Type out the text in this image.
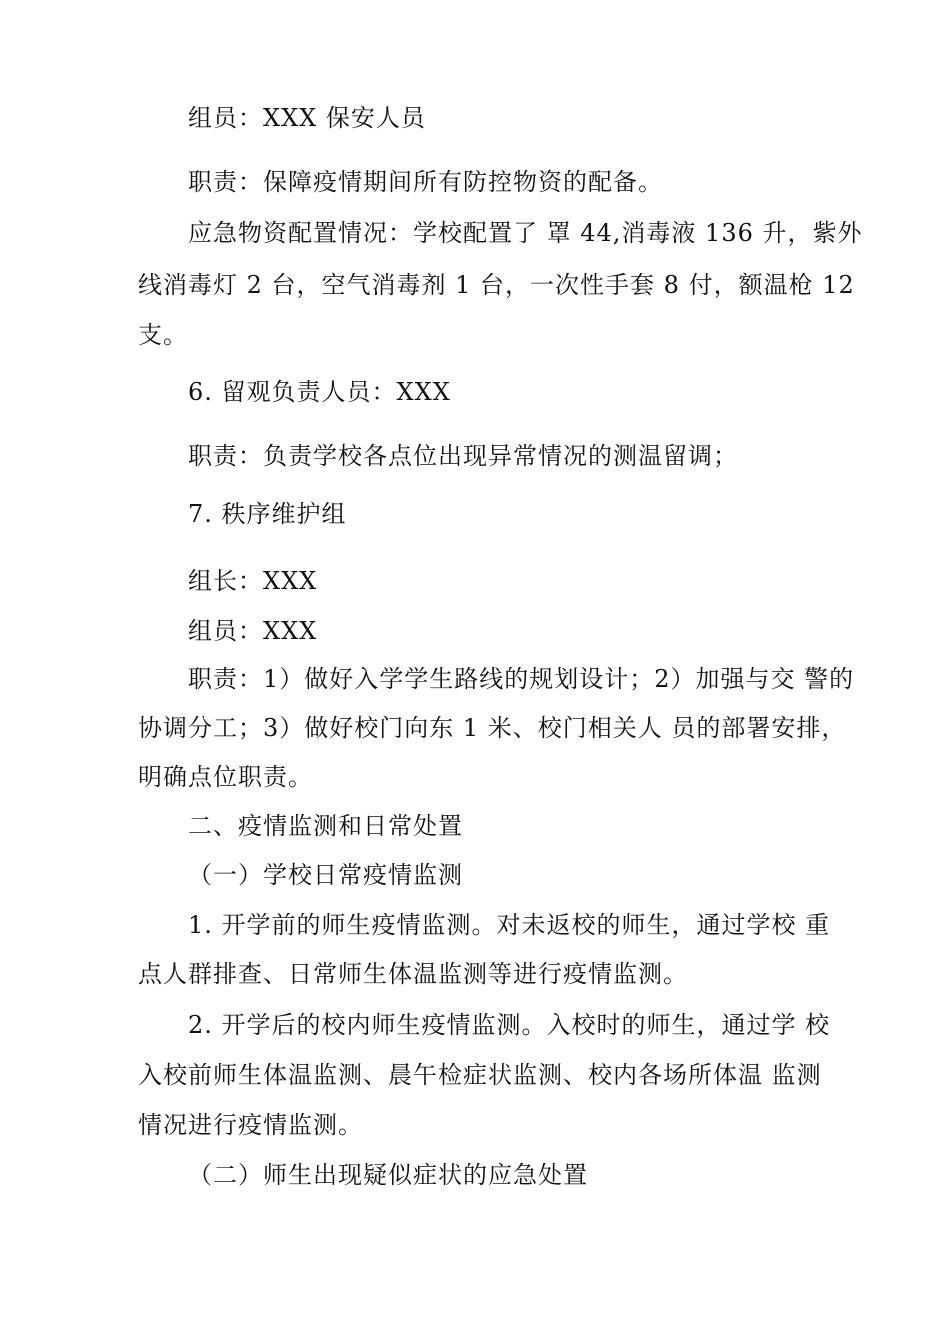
组员：XXX 保安人员
职责：保障疫情期间所有防控物资的配备。
应急物资配置情况：学校配置了 罩 44,消毒液 136 升，紫外
线消毒灯 2 台，空气消毒剂 1 台，一次性手套 8 付，额温枪 12
支。
6. 留观负责人员：XXX
职责：负责学校各点位出现异常情况的测温留调；
7. 秩序维护组
组长：XXX
组员：XXX
职责：1）做好入学学生路线的规划设计；2）加强与交 警的
协调分工；3）做好校门向东 1 米、校门相关人 员的部署安排，
明确点位职责。
二、疫情监测和日常处置
（一）学校日常疫情监测
1. 开学前的师生疫情监测。对未返校的师生，通过学校 重
点人群排查、日常师生体温监测等进行疫情监测。
2. 开学后的校内师生疫情监测。入校时的师生，通过学 校
入校前师生体温监测、晨午检症状监测、校内各场所体温 监测
情况进行疫情监测。
（二）师生出现疑似症状的应急处置
